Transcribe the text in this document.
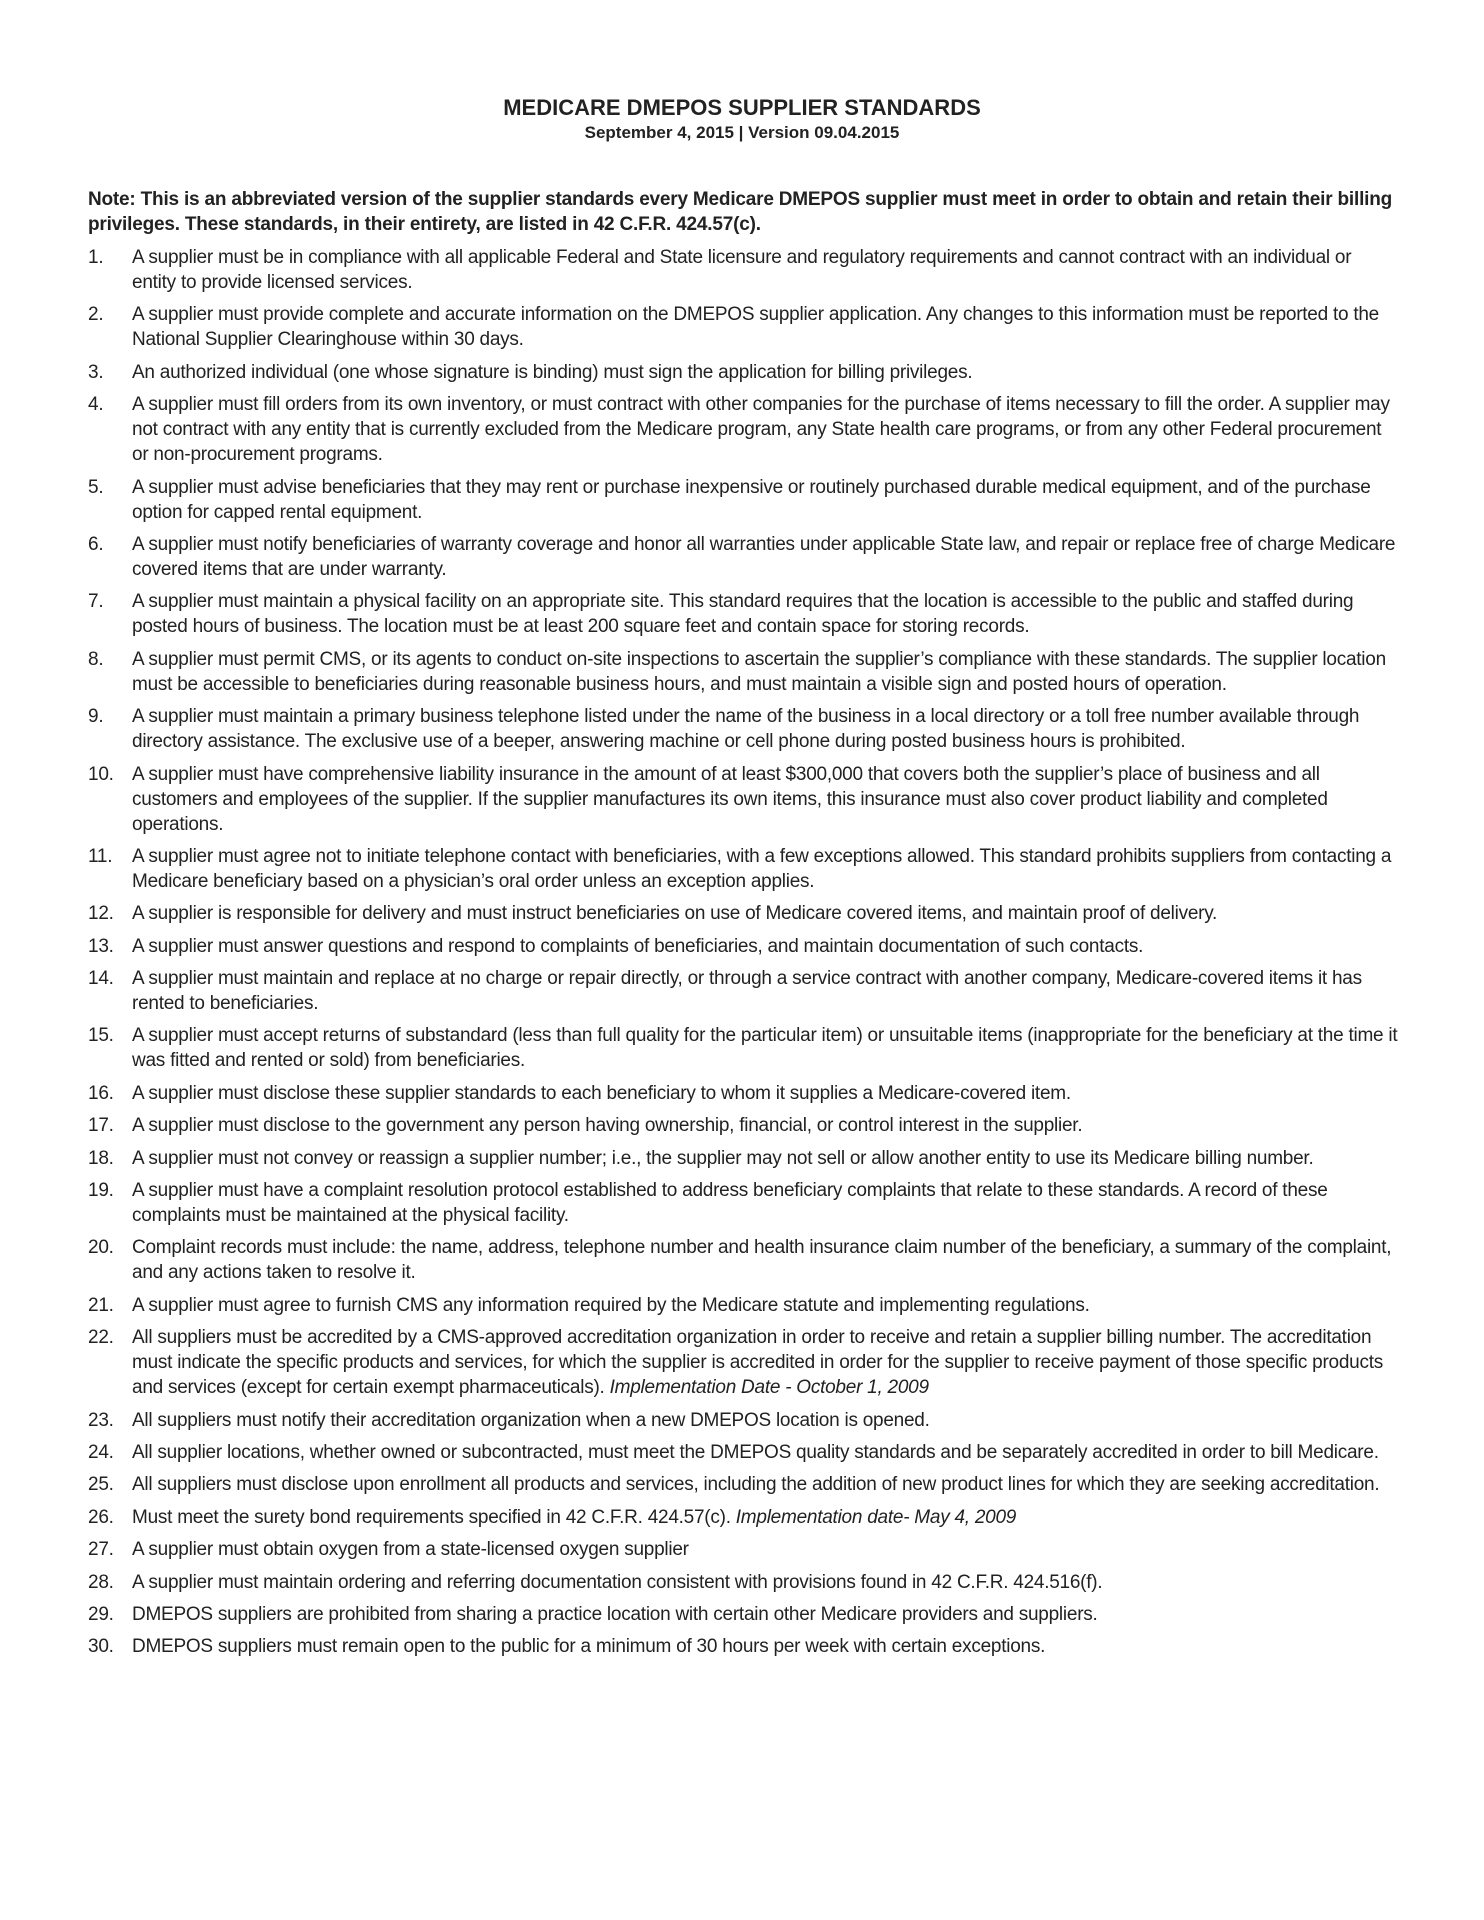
MEDICARE DMEPOS SUPPLIER STANDARDS
September 4, 2015 | Version 09.04.2015
Note: This is an abbreviated version of the supplier standards every Medicare DMEPOS supplier must meet in order to obtain and retain their billing privileges. These standards, in their entirety, are listed in 42 C.F.R. 424.57(c).
1. A supplier must be in compliance with all applicable Federal and State licensure and regulatory requirements and cannot contract with an individual or entity to provide licensed services.
2. A supplier must provide complete and accurate information on the DMEPOS supplier application. Any changes to this information must be reported to the National Supplier Clearinghouse within 30 days.
3. An authorized individual (one whose signature is binding) must sign the application for billing privileges.
4. A supplier must fill orders from its own inventory, or must contract with other companies for the purchase of items necessary to fill the order. A supplier may not contract with any entity that is currently excluded from the Medicare program, any State health care programs, or from any other Federal procurement or non-procurement programs.
5. A supplier must advise beneficiaries that they may rent or purchase inexpensive or routinely purchased durable medical equipment, and of the purchase option for capped rental equipment.
6. A supplier must notify beneficiaries of warranty coverage and honor all warranties under applicable State law, and repair or replace free of charge Medicare covered items that are under warranty.
7. A supplier must maintain a physical facility on an appropriate site. This standard requires that the location is accessible to the public and staffed during posted hours of business. The location must be at least 200 square feet and contain space for storing records.
8. A supplier must permit CMS, or its agents to conduct on-site inspections to ascertain the supplier’s compliance with these standards. The supplier location must be accessible to beneficiaries during reasonable business hours, and must maintain a visible sign and posted hours of operation.
9. A supplier must maintain a primary business telephone listed under the name of the business in a local directory or a toll free number available through directory assistance. The exclusive use of a beeper, answering machine or cell phone during posted business hours is prohibited.
10. A supplier must have comprehensive liability insurance in the amount of at least $300,000 that covers both the supplier’s place of business and all customers and employees of the supplier. If the supplier manufactures its own items, this insurance must also cover product liability and completed operations.
11. A supplier must agree not to initiate telephone contact with beneficiaries, with a few exceptions allowed. This standard prohibits suppliers from contacting a Medicare beneficiary based on a physician’s oral order unless an exception applies.
12. A supplier is responsible for delivery and must instruct beneficiaries on use of Medicare covered items, and maintain proof of delivery.
13. A supplier must answer questions and respond to complaints of beneficiaries, and maintain documentation of such contacts.
14. A supplier must maintain and replace at no charge or repair directly, or through a service contract with another company, Medicare-covered items it has rented to beneficiaries.
15. A supplier must accept returns of substandard (less than full quality for the particular item) or unsuitable items (inappropriate for the beneficiary at the time it was fitted and rented or sold) from beneficiaries.
16. A supplier must disclose these supplier standards to each beneficiary to whom it supplies a Medicare-covered item.
17. A supplier must disclose to the government any person having ownership, financial, or control interest in the supplier.
18. A supplier must not convey or reassign a supplier number; i.e., the supplier may not sell or allow another entity to use its Medicare billing number.
19. A supplier must have a complaint resolution protocol established to address beneficiary complaints that relate to these standards. A record of these complaints must be maintained at the physical facility.
20. Complaint records must include: the name, address, telephone number and health insurance claim number of the beneficiary, a summary of the complaint, and any actions taken to resolve it.
21. A supplier must agree to furnish CMS any information required by the Medicare statute and implementing regulations.
22. All suppliers must be accredited by a CMS-approved accreditation organization in order to receive and retain a supplier billing number. The accreditation must indicate the specific products and services, for which the supplier is accredited in order for the supplier to receive payment of those specific products and services (except for certain exempt pharmaceuticals). Implementation Date - October 1, 2009
23. All suppliers must notify their accreditation organization when a new DMEPOS location is opened.
24. All supplier locations, whether owned or subcontracted, must meet the DMEPOS quality standards and be separately accredited in order to bill Medicare.
25. All suppliers must disclose upon enrollment all products and services, including the addition of new product lines for which they are seeking accreditation.
26. Must meet the surety bond requirements specified in 42 C.F.R. 424.57(c). Implementation date- May 4, 2009
27. A supplier must obtain oxygen from a state-licensed oxygen supplier
28. A supplier must maintain ordering and referring documentation consistent with provisions found in 42 C.F.R. 424.516(f).
29. DMEPOS suppliers are prohibited from sharing a practice location with certain other Medicare providers and suppliers.
30. DMEPOS suppliers must remain open to the public for a minimum of 30 hours per week with certain exceptions.
